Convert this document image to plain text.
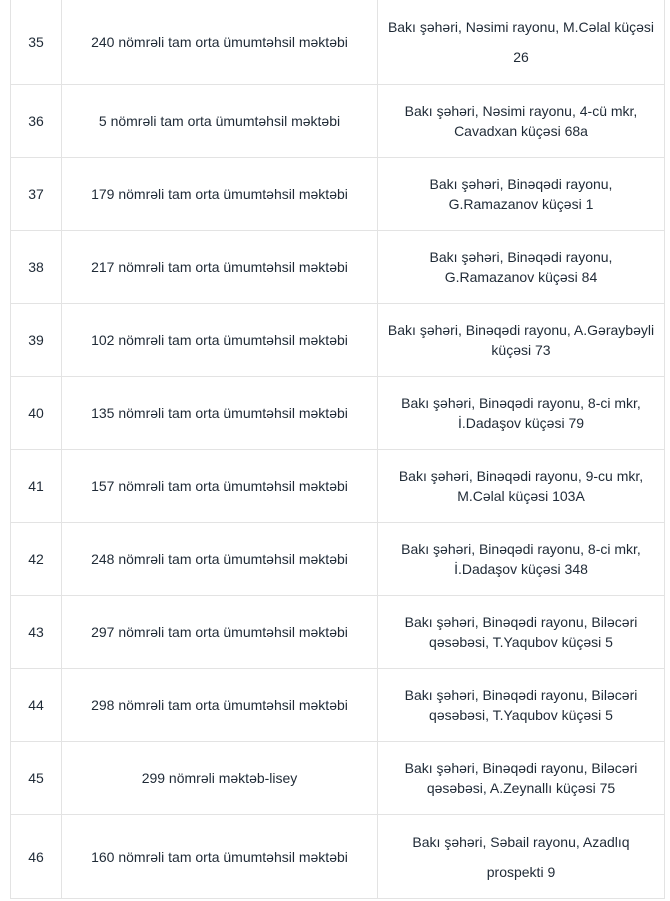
35	240 nömrəli tam orta ümumtəhsil məktəbi	Bakı şəhəri, Nəsimi rayonu, M.Cəlal küçəsi 26

36	5 nömrəli tam orta ümumtəhsil məktəbi	Bakı şəhəri, Nəsimi rayonu, 4-cü mkr, Cavadxan küçəsi 68a

37	179 nömrəli tam orta ümumtəhsil məktəbi	Bakı şəhəri, Binəqədi rayonu, G.Ramazanov küçəsi 1

38	217 nömrəli tam orta ümumtəhsil məktəbi	Bakı şəhəri, Binəqədi rayonu, G.Ramazanov küçəsi 84

39	102 nömrəli tam orta ümumtəhsil məktəbi	Bakı şəhəri, Binəqədi rayonu, A.Gəraybəyli küçəsi 73

40	135 nömrəli tam orta ümumtəhsil məktəbi	Bakı şəhəri, Binəqədi rayonu, 8-ci mkr, İ.Dadaşov küçəsi 79

41	157 nömrəli tam orta ümumtəhsil məktəbi	Bakı şəhəri, Binəqədi rayonu, 9-cu mkr, M.Cəlal küçəsi 103A

42	248 nömrəli tam orta ümumtəhsil məktəbi	Bakı şəhəri, Binəqədi rayonu, 8-ci mkr, İ.Dadaşov küçəsi 348

43	297 nömrəli tam orta ümumtəhsil məktəbi	Bakı şəhəri, Binəqədi rayonu, Biləcəri qəsəbəsi, T.Yaqubov küçəsi 5

44	298 nömrəli tam orta ümumtəhsil məktəbi	Bakı şəhəri, Binəqədi rayonu, Biləcəri qəsəbəsi, T.Yaqubov küçəsi 5

45	299 nömrəli məktəb-lisey	Bakı şəhəri, Binəqədi rayonu, Biləcəri qəsəbəsi, A.Zeynallı küçəsi 75

46	160 nömrəli tam orta ümumtəhsil məktəbi	Bakı şəhəri, Səbail rayonu, Azadlıq prospekti 9
